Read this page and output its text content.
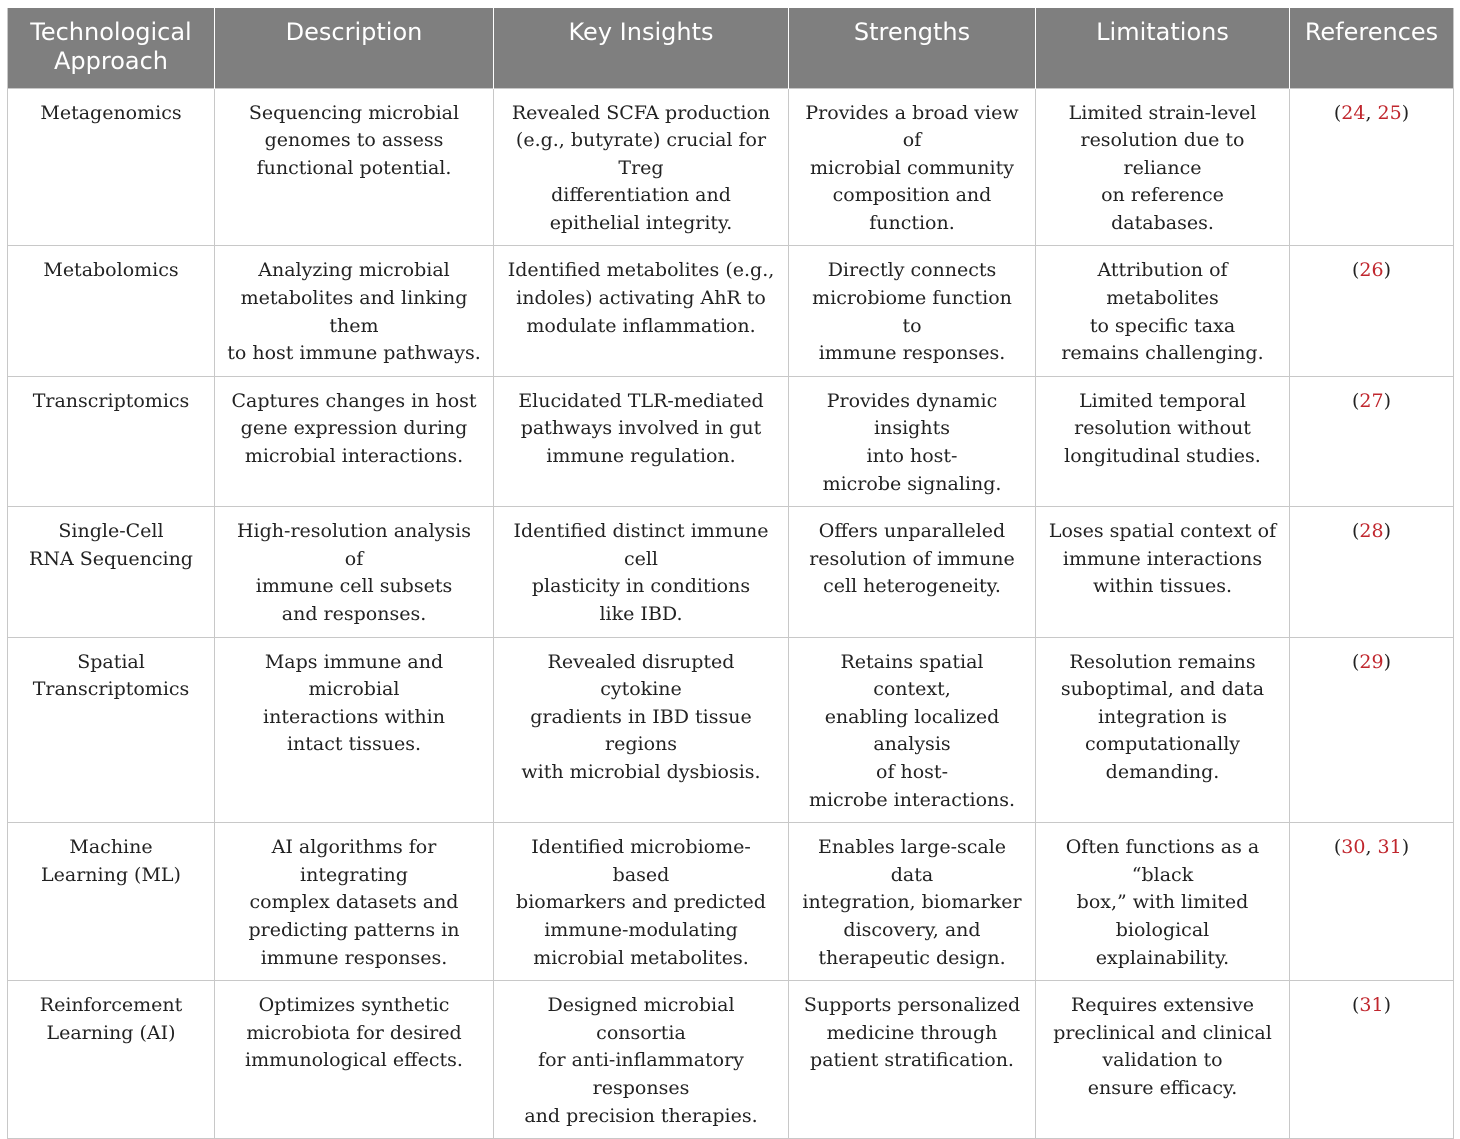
Technological
Approach	Description	Key Insights	Strengths	Limitations	References
Metagenomics	Sequencing microbial
genomes to assess
functional potential.	Revealed SCFA production
(e.g., butyrate) crucial for Treg
differentiation and
epithelial integrity.	Provides a broad view of
microbial community
composition and function.	Limited strain-level
resolution due to reliance
on reference databases.	(24, 25)
Metabolomics	Analyzing microbial
metabolites and linking them
to host immune pathways.	Identified metabolites (e.g.,
indoles) activating AhR to
modulate inflammation.	Directly connects
microbiome function to
immune responses.	Attribution of metabolites
to specific taxa
remains challenging.	(26)
Transcriptomics	Captures changes in host
gene expression during
microbial interactions.	Elucidated TLR-mediated
pathways involved in gut
immune regulation.	Provides dynamic insights
into host-
microbe signaling.	Limited temporal
resolution without
longitudinal studies.	(27)
Single-Cell
RNA Sequencing	High-resolution analysis of
immune cell subsets
and responses.	Identified distinct immune cell
plasticity in conditions
like IBD.	Offers unparalleled
resolution of immune
cell heterogeneity.	Loses spatial context of
immune interactions
within tissues.	(28)
Spatial
Transcriptomics	Maps immune and microbial
interactions within
intact tissues.	Revealed disrupted cytokine
gradients in IBD tissue regions
with microbial dysbiosis.	Retains spatial context,
enabling localized analysis
of host-
microbe interactions.	Resolution remains
suboptimal, and data
integration is
computationally
demanding.	(29)
Machine
Learning (ML)	AI algorithms for integrating
complex datasets and
predicting patterns in
immune responses.	Identified microbiome-based
biomarkers and predicted
immune-modulating
microbial metabolites.	Enables large-scale data
integration, biomarker
discovery, and
therapeutic design.	Often functions as a “black
box,” with limited
biological explainability.	(30, 31)
Reinforcement
Learning (AI)	Optimizes synthetic
microbiota for desired
immunological effects.	Designed microbial consortia
for anti-inflammatory responses
and precision therapies.	Supports personalized
medicine through
patient stratification.	Requires extensive
preclinical and clinical
validation to
ensure efficacy.	(31)
